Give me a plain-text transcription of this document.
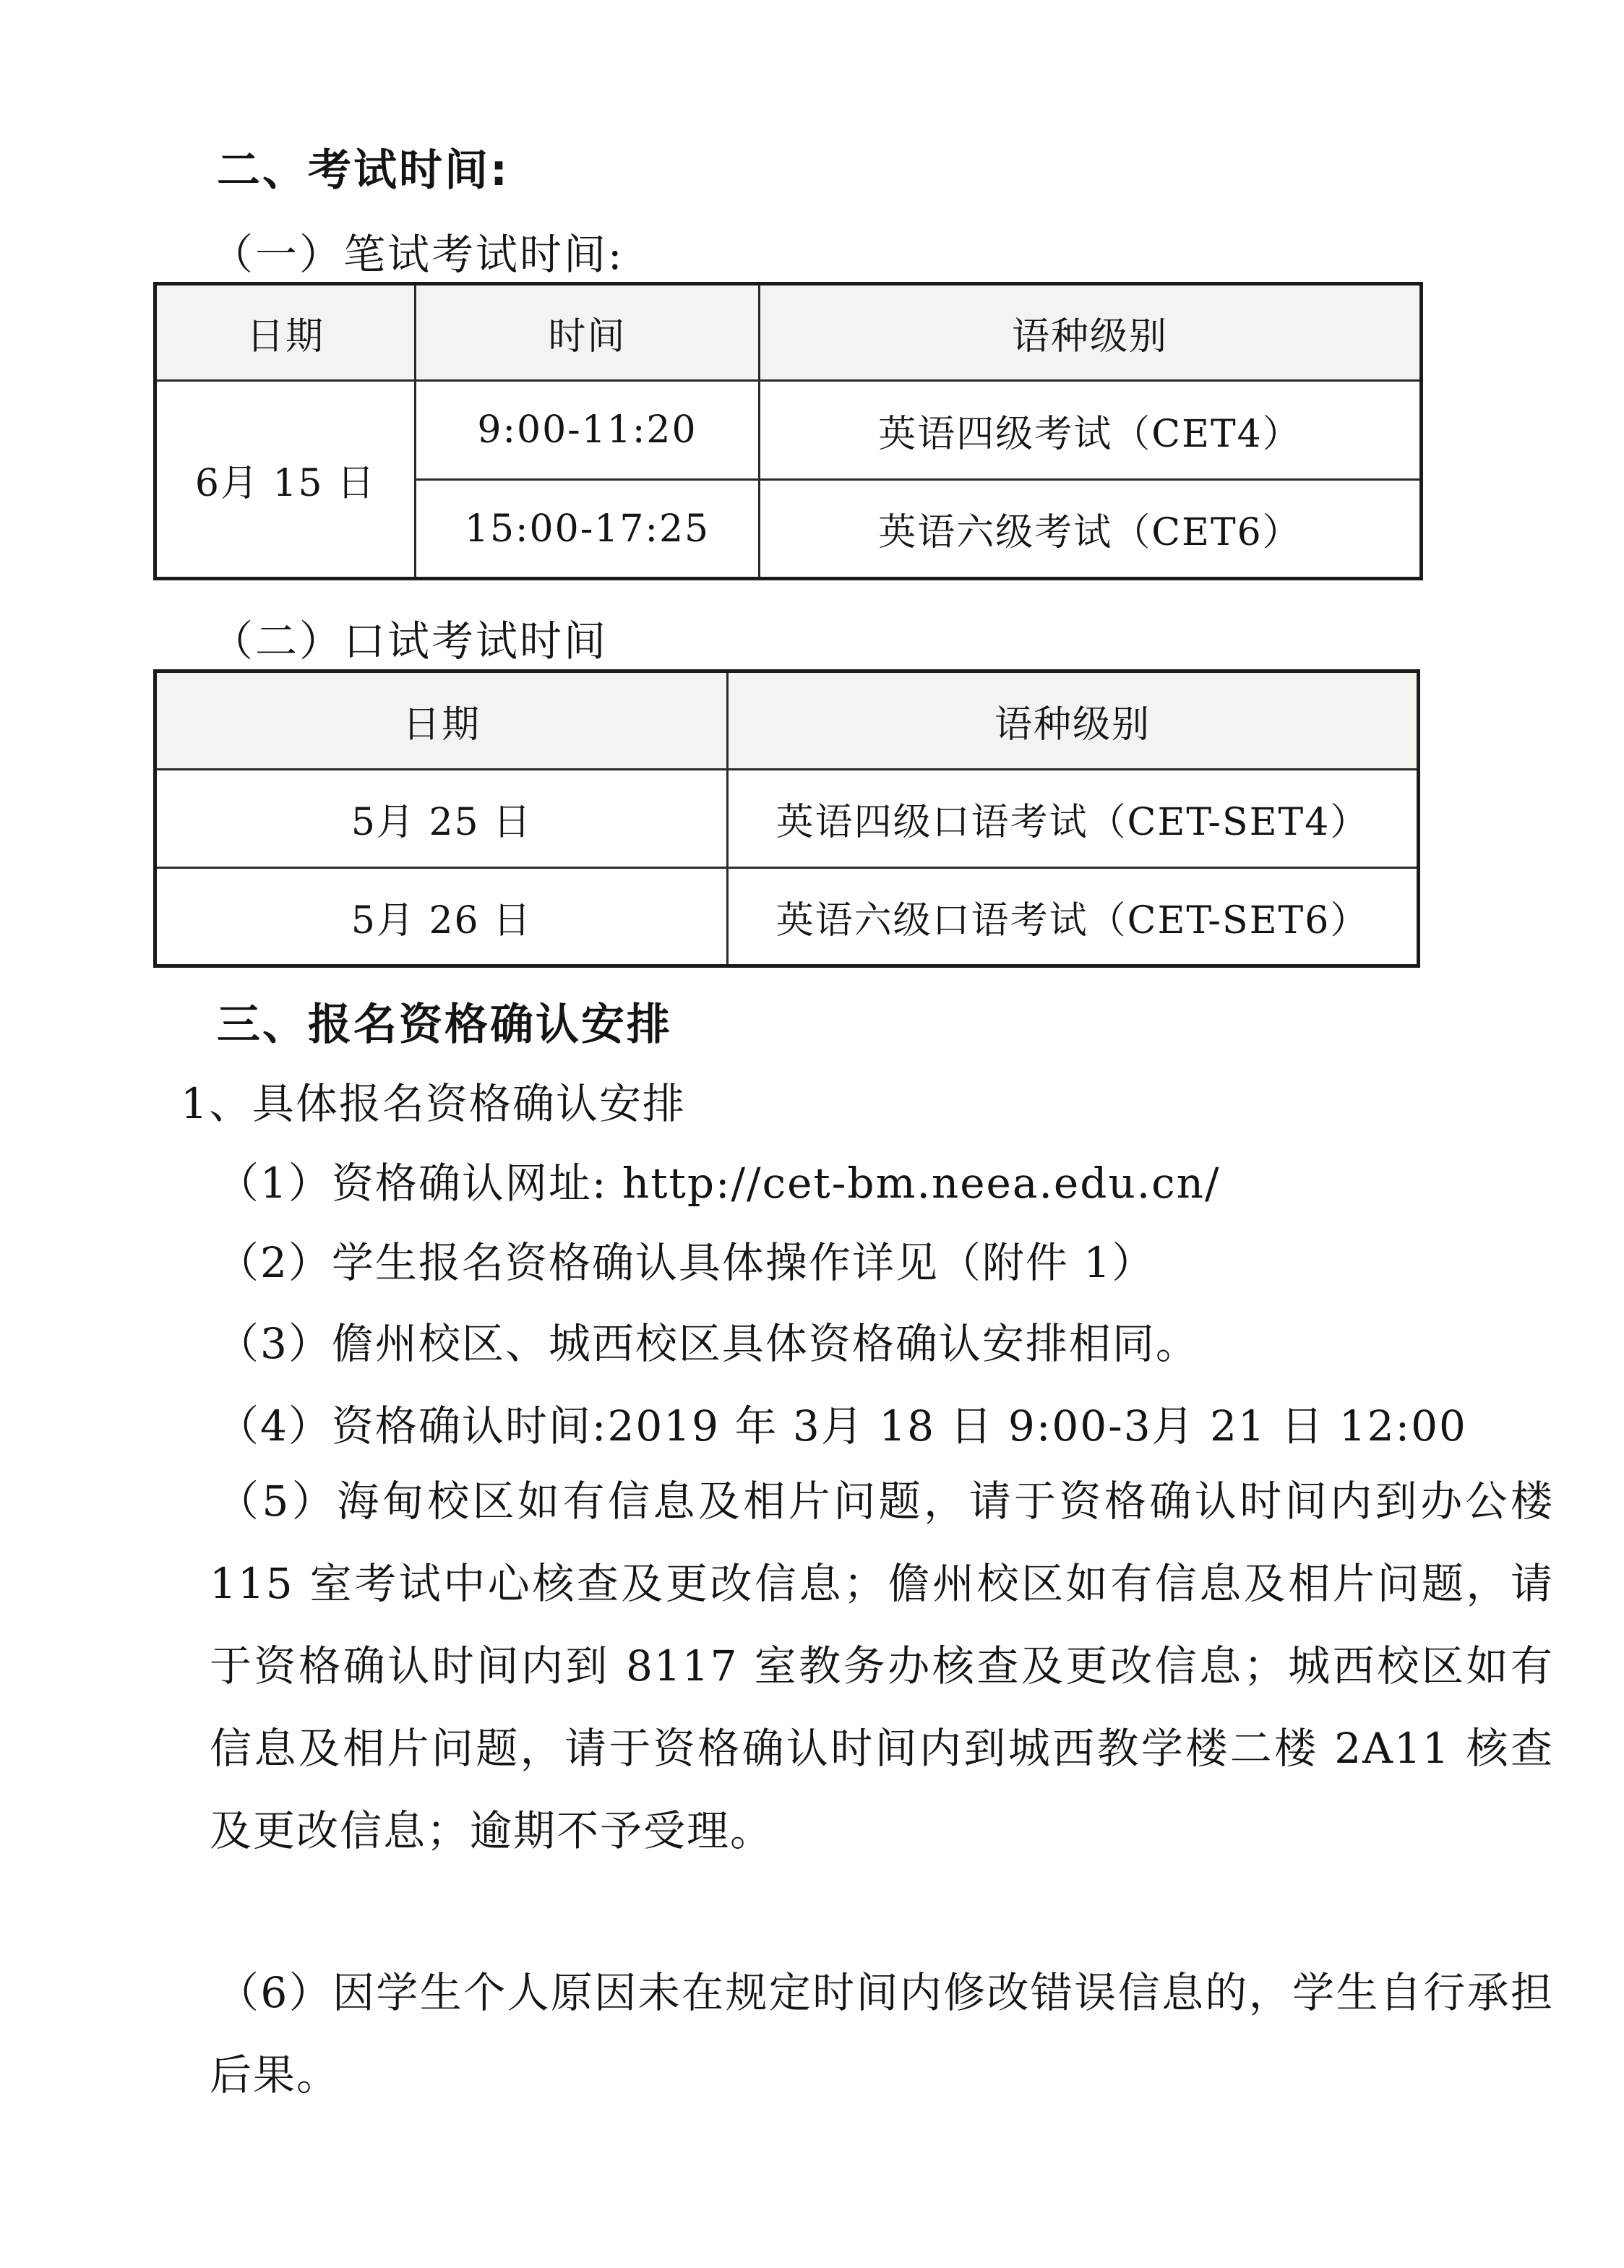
二、考试时间:
（一）笔试考试时间:
日期	时间	语种级别
6月 15 日	9:00-11:20	英语四级考试（CET4）
	15:00-17:25	英语六级考试（CET6）
（二）口试考试时间
日期	语种级别
5月 25 日	英语四级口语考试（CET-SET4）
5月 26 日	英语六级口语考试（CET-SET6）
三、报名资格确认安排
1、具体报名资格确认安排
（1）资格确认网址: http://cet-bm.neea.edu.cn/
（2）学生报名资格确认具体操作详见（附件 1）
（3）儋州校区、城西校区具体资格确认安排相同。
（4）资格确认时间:2019 年 3月 18 日 9:00-3月 21 日 12:00
（5）海甸校区如有信息及相片问题，请于资格确认时间内到办公楼 115 室考试中心核查及更改信息；儋州校区如有信息及相片问题，请于资格确认时间内到 8117 室教务办核查及更改信息；城西校区如有信息及相片问题，请于资格确认时间内到城西教学楼二楼 2A11 核查及更改信息；逾期不予受理。
（6）因学生个人原因未在规定时间内修改错误信息的，学生自行承担后果。
